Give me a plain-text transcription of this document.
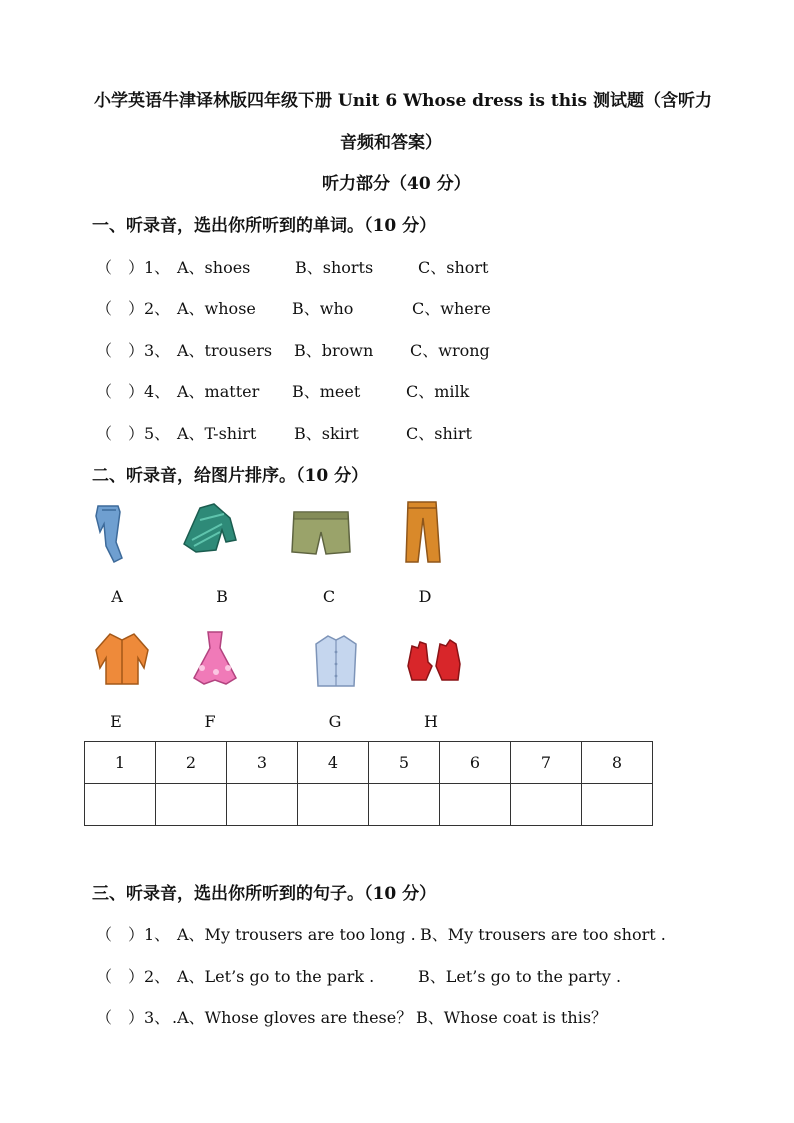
小学英语牛津译林版四年级下册 Unit 6 Whose dress is this 测试题（含听力
音频和答案）
听力部分（40 分）
一、听录音，选出你所听到的单词。（10 分）
（　）1、 A、shoes	B、shorts	C、short
（　）2、 A、whose B、who	C、where
（　）3、 A、trousers B、brown C、wrong
（　）4、 A、matter B、meet	C、milk
（　）5、 A、T-shirt B、skirt	C、shirt
二、听录音，给图片排序。（10 分）
A	B	C	D
E	F	G	H
1	2	3	4	5	6	7	8

三、听录音，选出你所听到的句子。（10 分）
（　）1、 A、My trousers are too long . B、My trousers are too short .
（　）2、 A、Let’s go to the park .	B、Let’s go to the party .
（　）3、 .A、Whose gloves are these？ B、Whose coat is this？
